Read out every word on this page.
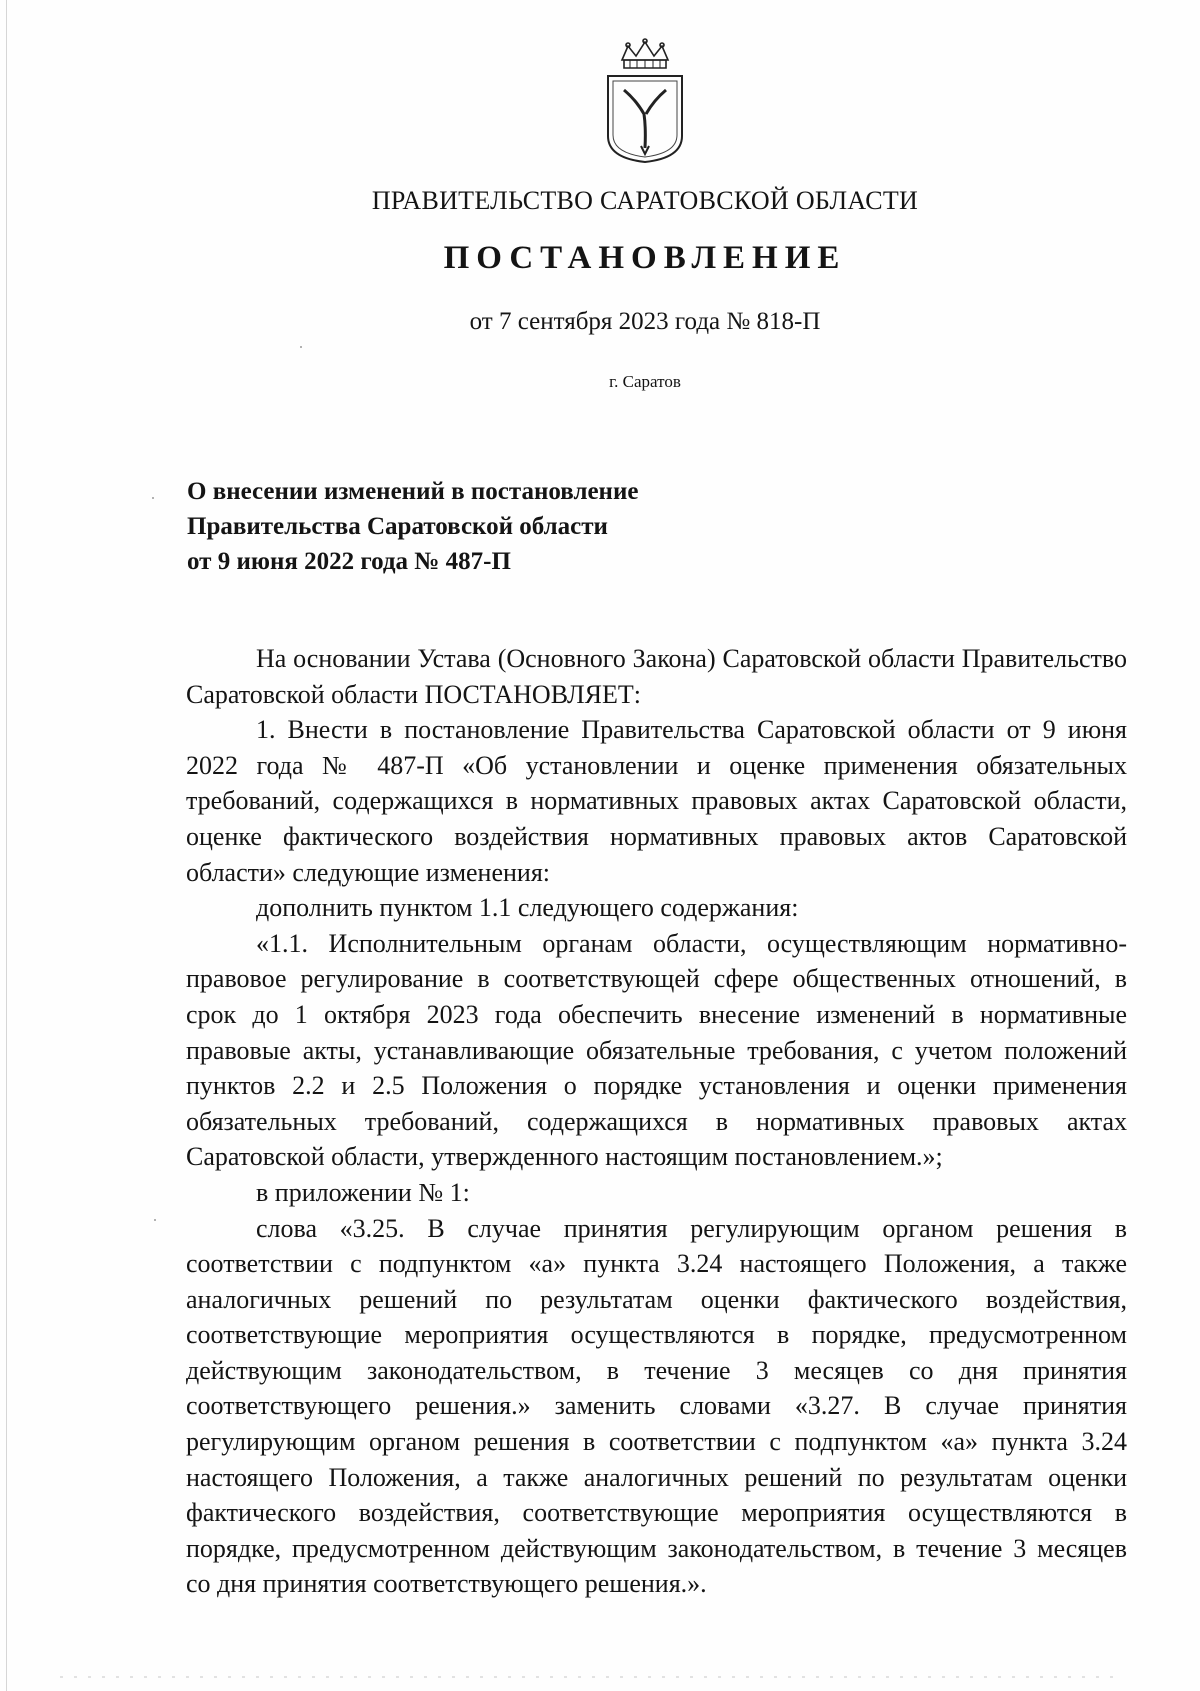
ПРАВИТЕЛЬСТВО САРАТОВСКОЙ ОБЛАСТИ
ПОСТАНОВЛЕНИЕ
от 7 сентября 2023 года № 818-П
г. Саратов
О внесении изменений в постановление
Правительства Саратовской области
от 9 июня 2022 года № 487-П

На основании Устава (Основного Закона) Саратовской области Правительство Саратовской области ПОСТАНОВЛЯЕТ:

1. Внести в постановление Правительства Саратовской области от 9 июня 2022 года № 487-П «Об установлении и оценке применения обязательных требований, содержащихся в нормативных правовых актах Саратовской области, оценке фактического воздействия нормативных правовых актов Саратовской области» следующие изменения:

дополнить пунктом 1.1 следующего содержания:

«1.1. Исполнительным органам области, осуществляющим нормативно-правовое регулирование в соответствующей сфере общественных отношений, в срок до 1 октября 2023 года обеспечить внесение изменений в нормативные правовые акты, устанавливающие обязательные требования, с учетом положений пунктов 2.2 и 2.5 Положения о порядке установления и оценки применения обязательных требований, содержащихся в нормативных правовых актах Саратовской области, утвержденного настоящим постановлением.»;

в приложении № 1:

слова «3.25. В случае принятия регулирующим органом решения в соответствии с подпунктом «а» пункта 3.24 настоящего Положения, а также аналогичных решений по результатам оценки фактического воздействия, соответствующие мероприятия осуществляются в порядке, предусмотренном действующим законодательством, в течение 3 месяцев со дня принятия соответствующего решения.» заменить словами «3.27. В случае принятия регулирующим органом решения в соответствии с подпунктом «а» пункта 3.24 настоящего Положения, а также аналогичных решений по результатам оценки фактического воздействия, соответствующие мероприятия осуществляются в порядке, предусмотренном действующим законодательством, в течение 3 месяцев со дня принятия соответствующего решения.».
